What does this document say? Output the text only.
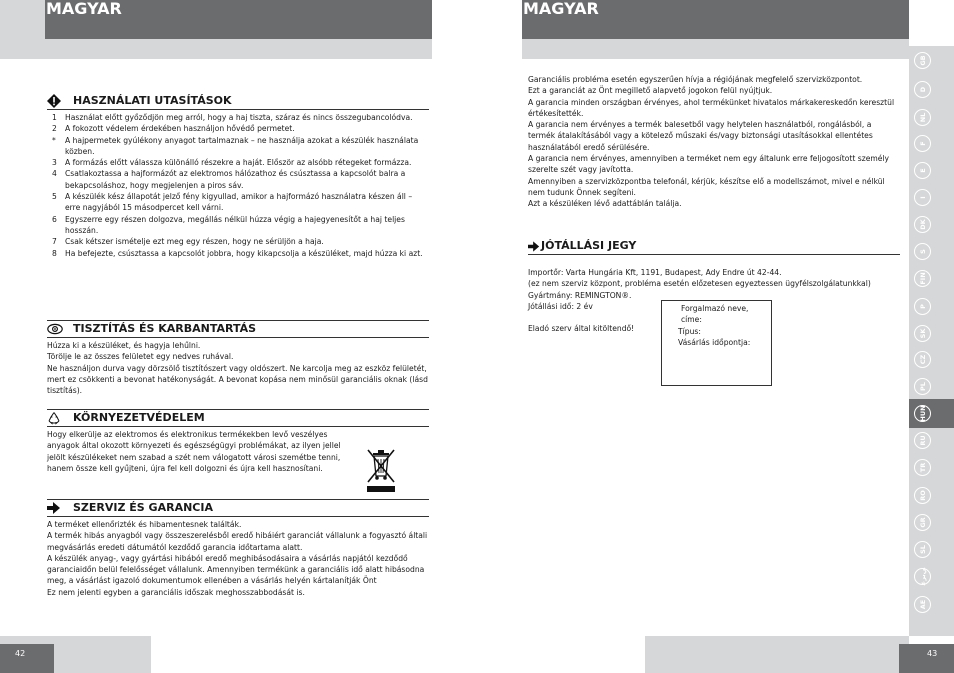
MAGYAR
HASZNÁLATI UTASÍTÁSOK
1	Használat előtt győződjön meg arról, hogy a haj tiszta, száraz és nincs összegubancolódva.
2	A fokozott védelem érdekében használjon hővédő permetet.
*	A hajpermetek gyúlékony anyagot tartalmaznak – ne használja azokat a készülék használata közben.
3	A formázás előtt válassza különálló részekre a haját. Először az alsóbb rétegeket formázza.
4	Csatlakoztassa a hajformázót az elektromos hálózathoz és csúsztassa a kapcsolót balra a bekapcsoláshoz, hogy megjelenjen a piros sáv.
5	A készülék kész állapotát jelző fény kigyullad, amikor a hajformázó használatra készen áll – erre nagyjából 15 másodpercet kell várni.
6	Egyszerre egy részen dolgozva, megállás nélkül húzza végig a hajegyenesítőt a haj teljes hosszán.
7	Csak kétszer ismételje ezt meg egy részen, hogy ne sérüljön a haja.
8	Ha befejezte, csúsztassa a kapcsolót jobbra, hogy kikapcsolja a készüléket, majd húzza ki azt.
TISZTÍTÁS ÉS KARBANTARTÁS

Húzza ki a készüléket, és hagyja lehűlni.

Törölje le az összes felületet egy nedves ruhával.

Ne használjon durva vagy dörzsölő tisztítószert vagy oldószert. Ne karcolja meg az eszköz felületét, mert ez csökkenti a bevonat hatékonyságát. A bevonat kopása nem minősül garanciális oknak (lásd tisztítás).

KÖRNYEZETVÉDELEM

Hogy elkerülje az elektromos és elektronikus termékekben levő veszélyes anyagok által okozott környezeti és egészségügyi problémákat, az ilyen jellel jelölt készülékeket nem szabad a szét nem válogatott városi szemétbe tenni, hanem össze kell gyűjteni, újra fel kell dolgozni és újra kell hasznosítani.

SZERVIZ ÉS GARANCIA

A terméket ellenőrizték és hibamentesnek találták.

A termék hibás anyagból vagy összeszerelésből eredő hibáiért garanciát vállalunk a fogyasztó általi megvásárlás eredeti dátumától kezdődő garancia időtartama alatt.

A készülék anyag-, vagy gyártási hibából eredő meghibásodásaira a vásárlás napjától kezdődő garanciaidőn belül felelősséget vállalunk. Amennyiben termékünk a garanciális idő alatt hibásodna meg, a vásárlást igazoló dokumentumok ellenében a vásárlás helyén kártalanítják Önt

Ez nem jelenti egyben a garanciális időszak meghosszabbodását is.

42
MAGYAR

Garanciális probléma esetén egyszerűen hívja a régiójának megfelelő szervizközpontot.

Ezt a garanciát az Önt megillető alapvető jogokon felül nyújtjuk.

A garancia minden országban érvényes, ahol termékünket hivatalos márkakereskedőn keresztül értékesítették.

A garancia nem érvényes a termék balesetből vagy helytelen használatból, rongálásból, a termék átalakításából vagy a kötelező műszaki és/vagy biztonsági utasításokkal ellentétes használatából eredő sérülésére.

A garancia nem érvényes, amennyiben a terméket nem egy általunk erre feljogosított személy szerelte szét vagy javította.

Amennyiben a szervizközpontba telefonál, kérjük, készítse elő a modellszámot, mivel e nélkül nem tudunk Önnek segíteni.

Azt a készüléken lévő adattáblán találja.

JÓTÁLLÁSI JEGY

Importőr: Varta Hungária Kft, 1191, Budapest, Ady Endre út 42-44.

(ez nem szerviz központ, probléma esetén előzetesen egyeztessen ügyfélszolgálatunkkal)

Gyártmány: REMINGTON®.

Jótállási idő: 2 év

Eladó szerv által kitöltendő!

Forgalmazó neve, címe:

Típus:

Vásárlás időpontja:

GB
D
NL
F
E
I
DK
S
FIN
P
SK
CZ
PL
HUN
RU
TR
RO
GR
SL
ﻲﺑﺮﻋ
AE
43
